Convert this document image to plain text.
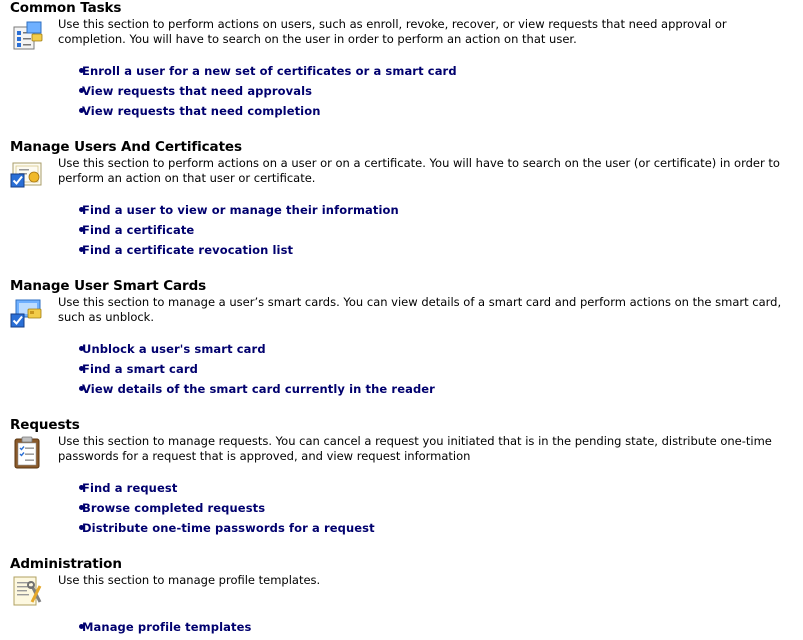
Common Tasks
Use this section to perform actions on users, such as enroll, revoke, recover, or view requests that need approval or completion. You will have to search on the user in order to perform an action on that user.
Enroll a user for a new set of certificates or a smart card
View requests that need approvals
View requests that need completion
Manage Users And Certificates
Use this section to perform actions on a user or on a certificate. You will have to search on the user (or certificate) in order to perform an action on that user or certificate.
Find a user to view or manage their information
Find a certificate
Find a certificate revocation list
Manage User Smart Cards
Use this section to manage a user’s smart cards. You can view details of a smart card and perform actions on the smart card, such as unblock.
Unblock a user's smart card
Find a smart card
View details of the smart card currently in the reader
Requests
Use this section to manage requests. You can cancel a request you initiated that is in the pending state, distribute one-time passwords for a request that is approved, and view request information
Find a request
Browse completed requests
Distribute one-time passwords for a request
Administration
Use this section to manage profile templates.
Manage profile templates
